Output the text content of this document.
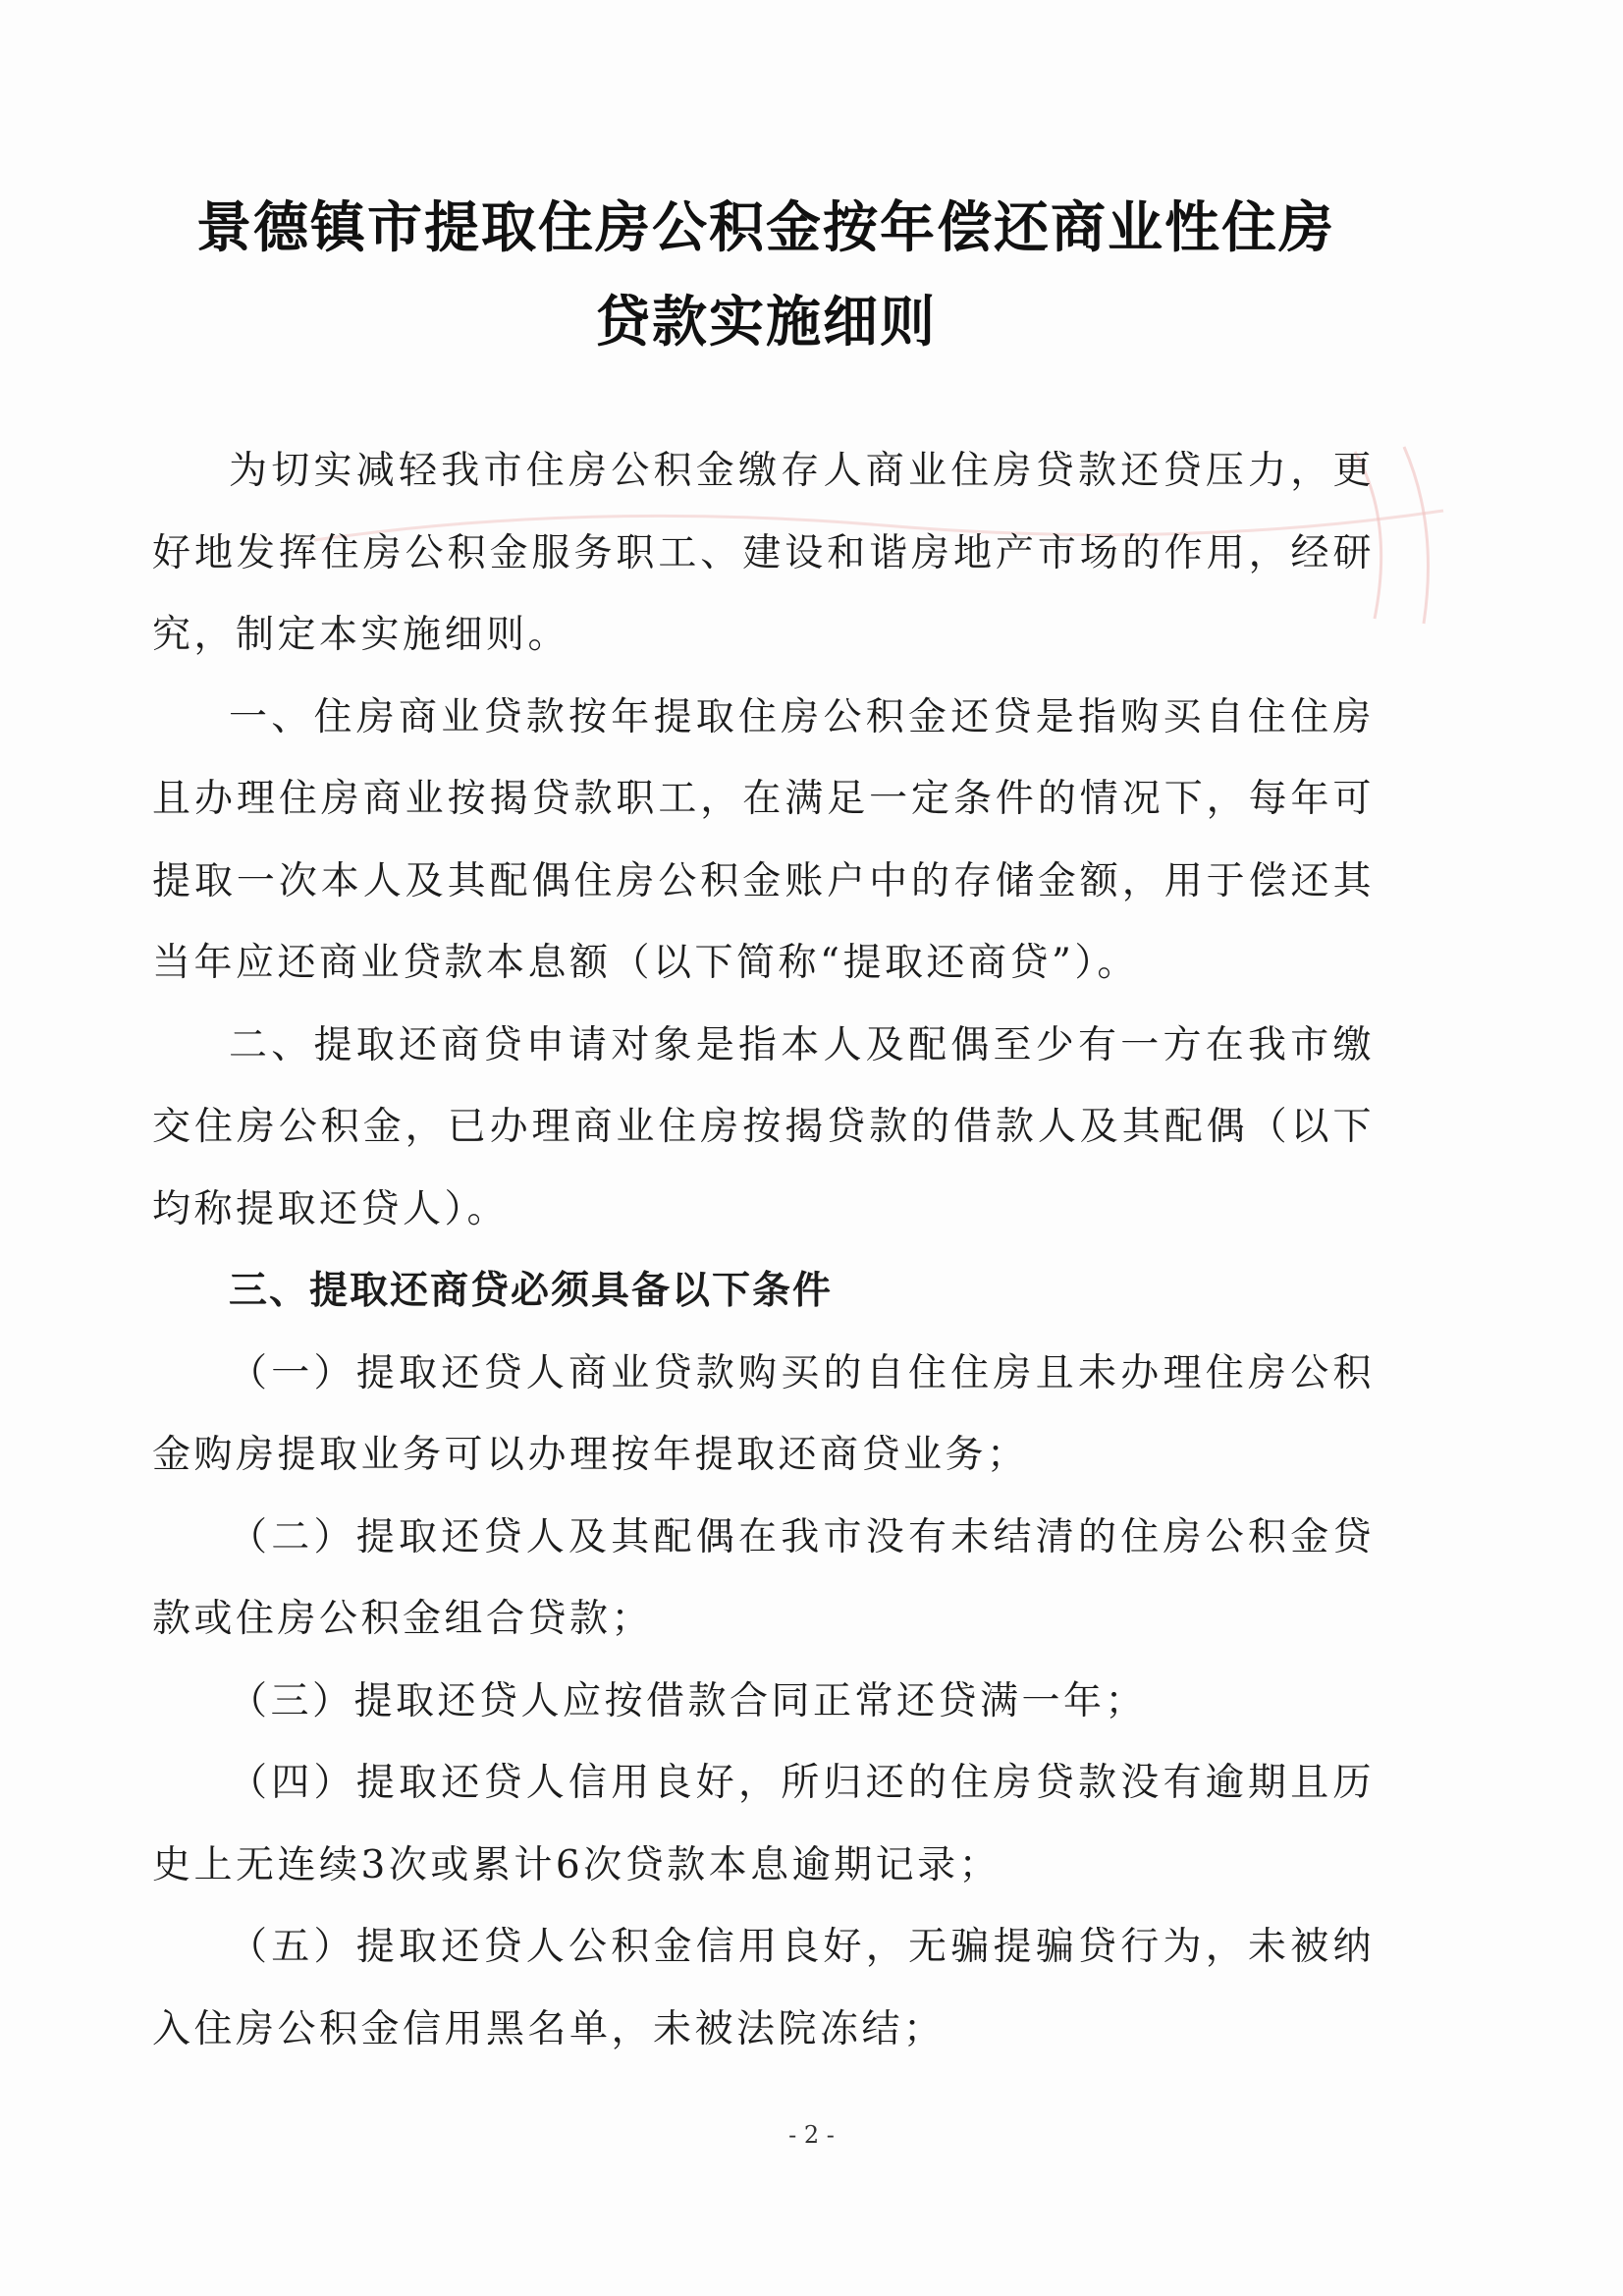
景德镇市提取住房公积金按年偿还商业性住房
贷款实施细则

为切实减轻我市住房公积金缴存人商业住房贷款还贷压力，更好地发挥住房公积金服务职工、建设和谐房地产市场的作用，经研究，制定本实施细则。

一、住房商业贷款按年提取住房公积金还贷是指购买自住住房且办理住房商业按揭贷款职工，在满足一定条件的情况下，每年可提取一次本人及其配偶住房公积金账户中的存储金额，用于偿还其当年应还商业贷款本息额（以下简称“提取还商贷”）。

二、提取还商贷申请对象是指本人及配偶至少有一方在我市缴交住房公积金，已办理商业住房按揭贷款的借款人及其配偶（以下均称提取还贷人）。

三、提取还商贷必须具备以下条件

（一）提取还贷人商业贷款购买的自住住房且未办理住房公积金购房提取业务可以办理按年提取还商贷业务；

（二）提取还贷人及其配偶在我市没有未结清的住房公积金贷款或住房公积金组合贷款；

（三）提取还贷人应按借款合同正常还贷满一年；

（四）提取还贷人信用良好，所归还的住房贷款没有逾期且历史上无连续3次或累计6次贷款本息逾期记录；

（五）提取还贷人公积金信用良好，无骗提骗贷行为，未被纳入住房公积金信用黑名单，未被法院冻结；

- 2 -
